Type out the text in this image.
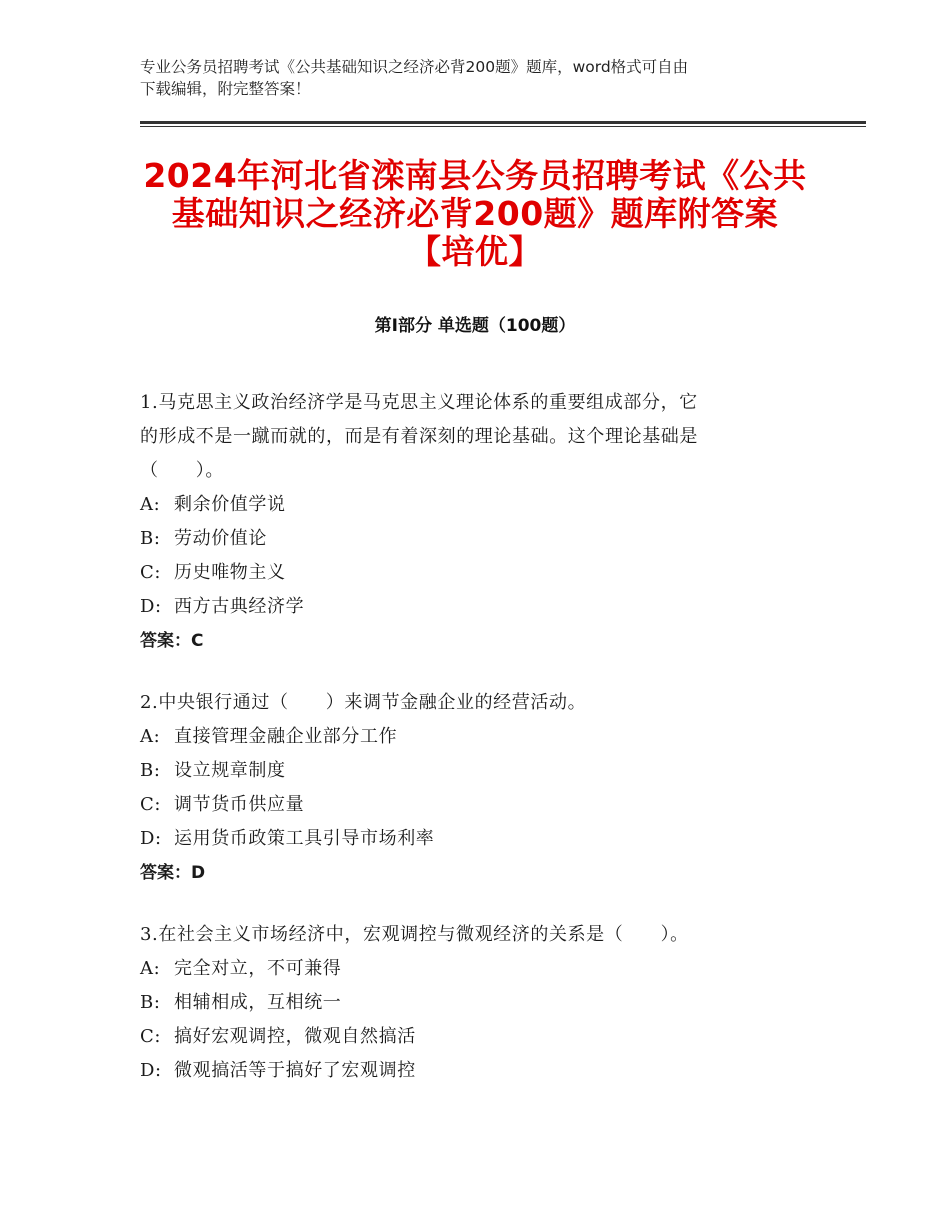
专业公务员招聘考试《公共基础知识之经济必背200题》题库，word格式可自由
下载编辑，附完整答案！
2024年河北省滦南县公务员招聘考试《公共
基础知识之经济必背200题》题库附答案
【培优】
第Ⅰ部分 单选题（100题）

1.马克思主义政治经济学是马克思主义理论体系的重要组成部分，它

的形成不是一蹴而就的，而是有着深刻的理论基础。这个理论基础是

（　　）。

A: 剩余价值学说

B: 劳动价值论

C: 历史唯物主义

D: 西方古典经济学

答案：C

2.中央银行通过（　　）来调节金融企业的经营活动。

A: 直接管理金融企业部分工作

B: 设立规章制度

C: 调节货币供应量

D: 运用货币政策工具引导市场利率

答案：D

3.在社会主义市场经济中，宏观调控与微观经济的关系是（　　）。

A: 完全对立，不可兼得

B: 相辅相成，互相统一

C: 搞好宏观调控，微观自然搞活

D: 微观搞活等于搞好了宏观调控
